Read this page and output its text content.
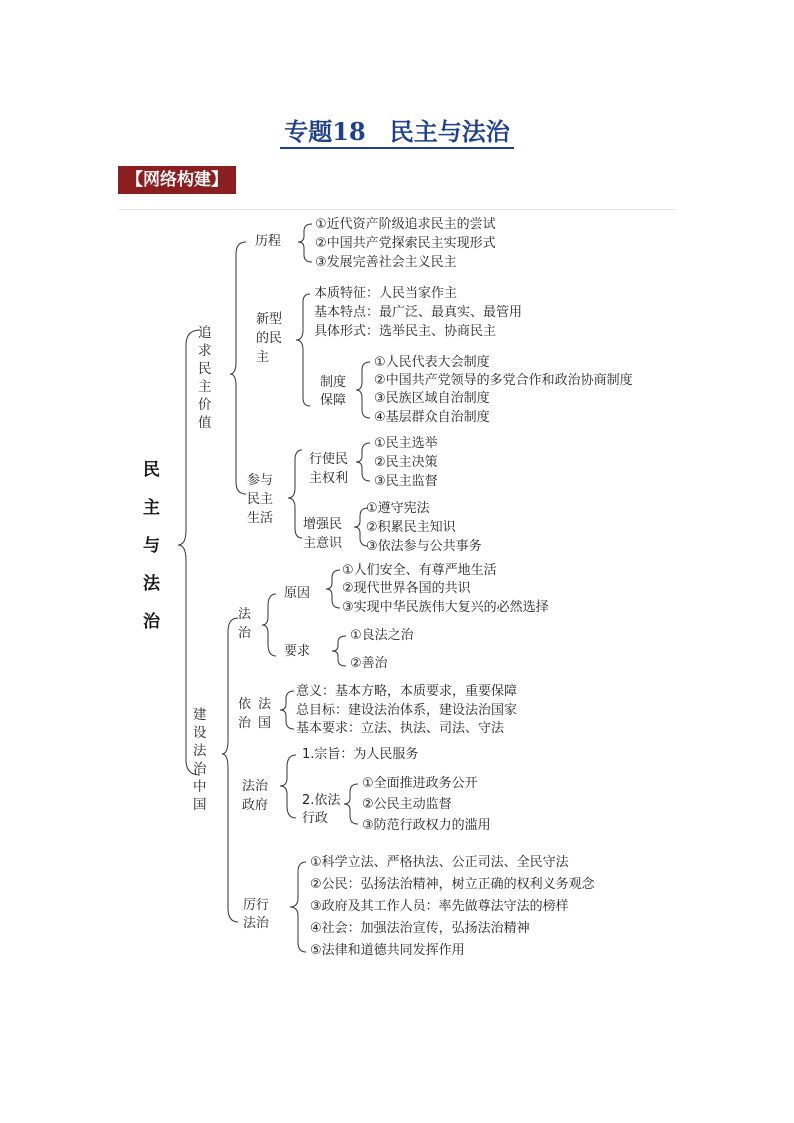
专题18　民主与法治
【网络构建】
民
主
与
法
治
追求民主价值
历程
①近代资产阶级追求民主的尝试
②中国共产党探索民主实现形式
③发展完善社会主义民主
新型
的民
主
本质特征：人民当家作主
基本特点：最广泛、最真实、最管用
具体形式：选举民主、协商民主
制度
保障
①人民代表大会制度
②中国共产党领导的多党合作和政治协商制度
③民族区域自治制度
④基层群众自治制度
参与
民主
生活
行使民
主权利
①民主选举
②民主决策
③民主监督
增强民
主意识
①遵守宪法
②积累民主知识
③依法参与公共事务
建设法治中国
法
治
原因
①人们安全、有尊严地生活
②现代世界各国的共识
③实现中华民族伟大复兴的必然选择
要求
①良法之治
②善治
依
治
法
国
意义：基本方略，本质要求，重要保障
总目标：建设法治体系，建设法治国家
基本要求：立法、执法、司法、守法
法治
政府
1.宗旨：为人民服务
2.依法
行政
①全面推进政务公开
②公民主动监督
③防范行政权力的滥用
厉行
法治
①科学立法、严格执法、公正司法、全民守法
②公民：弘扬法治精神，树立正确的权利义务观念
③政府及其工作人员：率先做尊法守法的榜样
④社会：加强法治宣传，弘扬法治精神
⑤法律和道德共同发挥作用
